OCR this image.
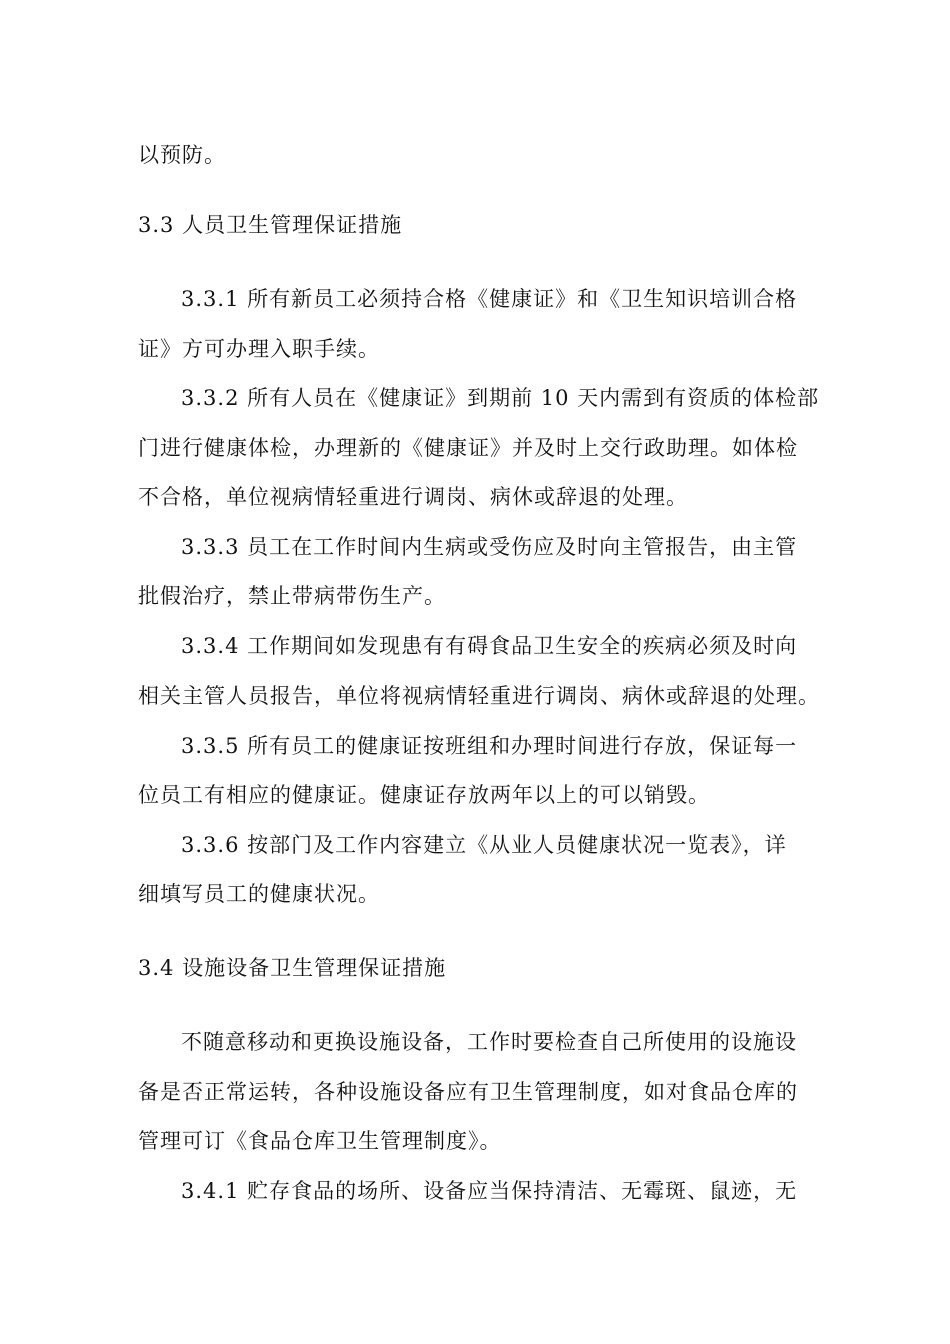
以预防。
3.3 人员卫生管理保证措施
3.3.1 所有新员工必须持合格《健康证》和《卫生知识培训合格
证》方可办理入职手续。
3.3.2 所有人员在《健康证》到期前 10 天内需到有资质的体检部
门进行健康体检，办理新的《健康证》并及时上交行政助理。如体检
不合格，单位视病情轻重进行调岗、病休或辞退的处理。
3.3.3 员工在工作时间内生病或受伤应及时向主管报告，由主管
批假治疗，禁止带病带伤生产。
3.3.4 工作期间如发现患有有碍食品卫生安全的疾病必须及时向
相关主管人员报告，单位将视病情轻重进行调岗、病休或辞退的处理。
3.3.5 所有员工的健康证按班组和办理时间进行存放，保证每一
位员工有相应的健康证。健康证存放两年以上的可以销毁。
3.3.6 按部门及工作内容建立《从业人员健康状况一览表》，详
细填写员工的健康状况。
3.4 设施设备卫生管理保证措施
不随意移动和更换设施设备，工作时要检查自己所使用的设施设
备是否正常运转，各种设施设备应有卫生管理制度，如对食品仓库的
管理可订《食品仓库卫生管理制度》。
3.4.1 贮存食品的场所、设备应当保持清洁、无霉斑、鼠迹，无
